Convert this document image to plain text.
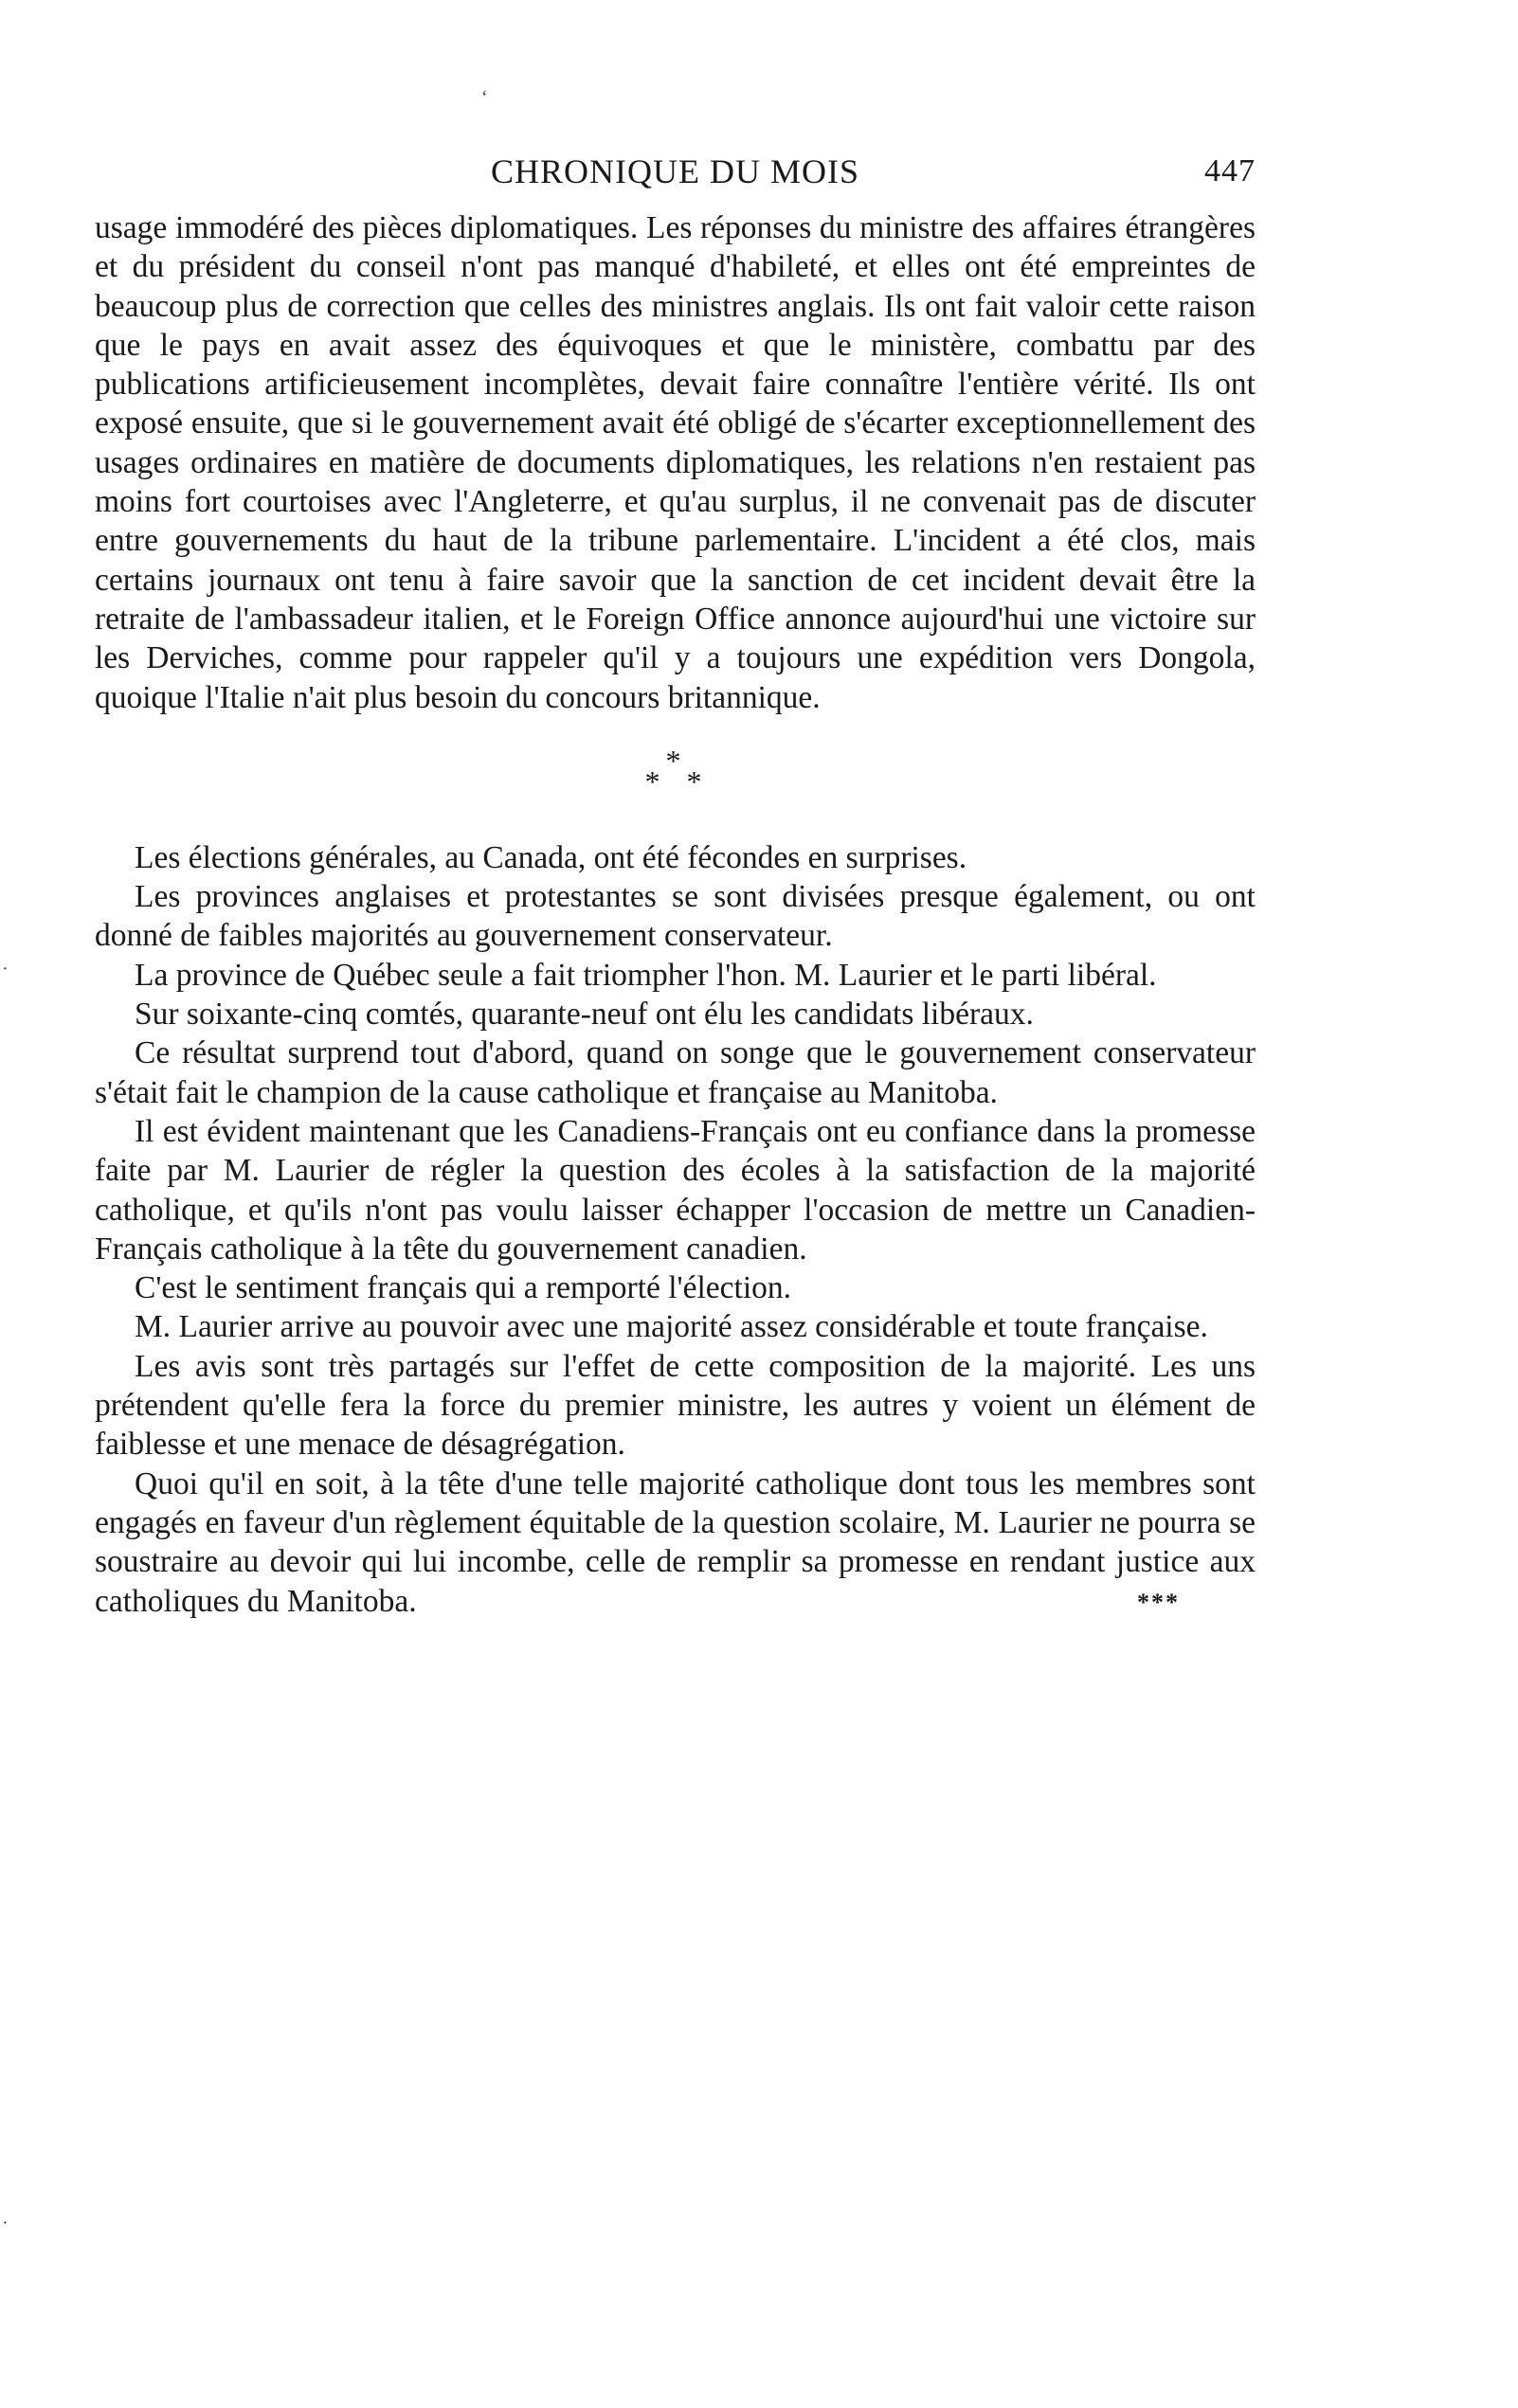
‘
·
·
CHRONIQUE DU MOIS	447

usage immodéré des pièces diplomatiques. Les réponses du ministre des affaires étrangères et du président du conseil n'ont pas manqué d'habileté, et elles ont été empreintes de beaucoup plus de correction que celles des ministres anglais. Ils ont fait valoir cette raison que le pays en avait assez des équivoques et que le ministère, combattu par des publications artificieusement incomplètes, devait faire connaître l'entière vérité. Ils ont exposé ensuite, que si le gouvernement avait été obligé de s'écarter exceptionnellement des usages ordinaires en matière de documents diplomatiques, les relations n'en restaient pas moins fort courtoises avec l'Angleterre, et qu'au surplus, il ne convenait pas de discuter entre gouvernements du haut de la tribune parlementaire. L'incident a été clos, mais certains journaux ont tenu à faire savoir que la sanction de cet incident devait être la retraite de l'ambassadeur italien, et le Foreign Office annonce aujourd'hui une victoire sur les Derviches, comme pour rappeler qu'il y a toujours une expédition vers Dongola, quoique l'Italie n'ait plus besoin du concours britannique.

*
* *

Les élections générales, au Canada, ont été fécondes en surprises.

Les provinces anglaises et protestantes se sont divisées presque également, ou ont donné de faibles majorités au gouvernement conservateur.

La province de Québec seule a fait triompher l'hon. M. Laurier et le parti libéral.

Sur soixante-cinq comtés, quarante-neuf ont élu les candidats libéraux.

Ce résultat surprend tout d'abord, quand on songe que le gouvernement conservateur s'était fait le champion de la cause catholique et française au Manitoba.

Il est évident maintenant que les Canadiens-Français ont eu confiance dans la promesse faite par M. Laurier de régler la question des écoles à la satisfaction de la majorité catholique, et qu'ils n'ont pas voulu laisser échapper l'occasion de mettre un Canadien-Français catholique à la tête du gouvernement canadien.

C'est le sentiment français qui a remporté l'élection.

M. Laurier arrive au pouvoir avec une majorité assez considérable et toute française.

Les avis sont très partagés sur l'effet de cette composition de la majorité. Les uns prétendent qu'elle fera la force du premier ministre, les autres y voient un élément de faiblesse et une menace de désagrégation.

Quoi qu'il en soit, à la tête d'une telle majorité catholique dont tous les membres sont engagés en faveur d'un règlement équitable de la question scolaire, M. Laurier ne pourra se soustraire au devoir qui lui incombe, celle de remplir sa promesse en rendant justice aux catholiques du Manitoba.	***
